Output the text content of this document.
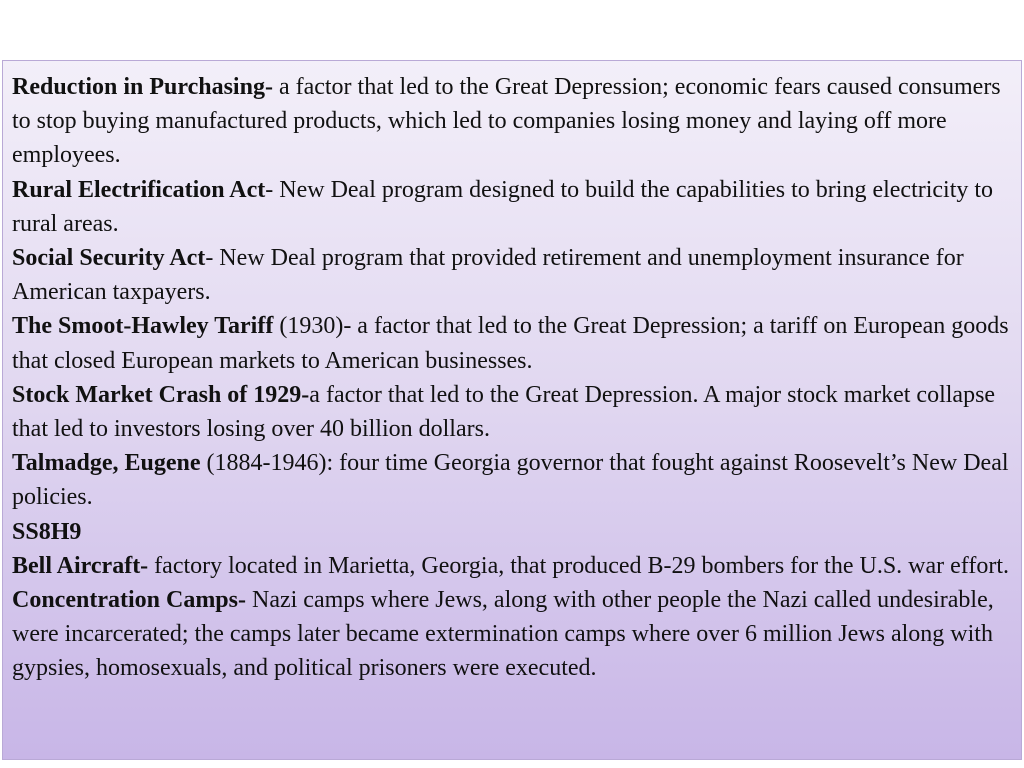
Reduction in Purchasing- a factor that led to the Great Depression; economic fears caused consumers to stop buying manufactured products, which led to companies losing money and laying off more employees.

Rural Electrification Act- New Deal program designed to build the capabilities to bring electricity to rural areas.

Social Security Act- New Deal program that provided retirement and unemployment insurance for American taxpayers.

The Smoot-Hawley Tariff (1930)- a factor that led to the Great Depression; a tariff on European goods that closed European markets to American businesses.

Stock Market Crash of 1929-a factor that led to the Great Depression. A major stock market collapse that led to investors losing over 40 billion dollars.

Talmadge, Eugene (1884-1946): four time Georgia governor that fought against Roosevelt’s New Deal policies.

SS8H9

Bell Aircraft- factory located in Marietta, Georgia, that produced B-29 bombers for the U.S. war effort.

Concentration Camps- Nazi camps where Jews, along with other people the Nazi called undesirable, were incarcerated; the camps later became extermination camps where over 6 million Jews along with gypsies, homosexuals, and political prisoners were executed.
